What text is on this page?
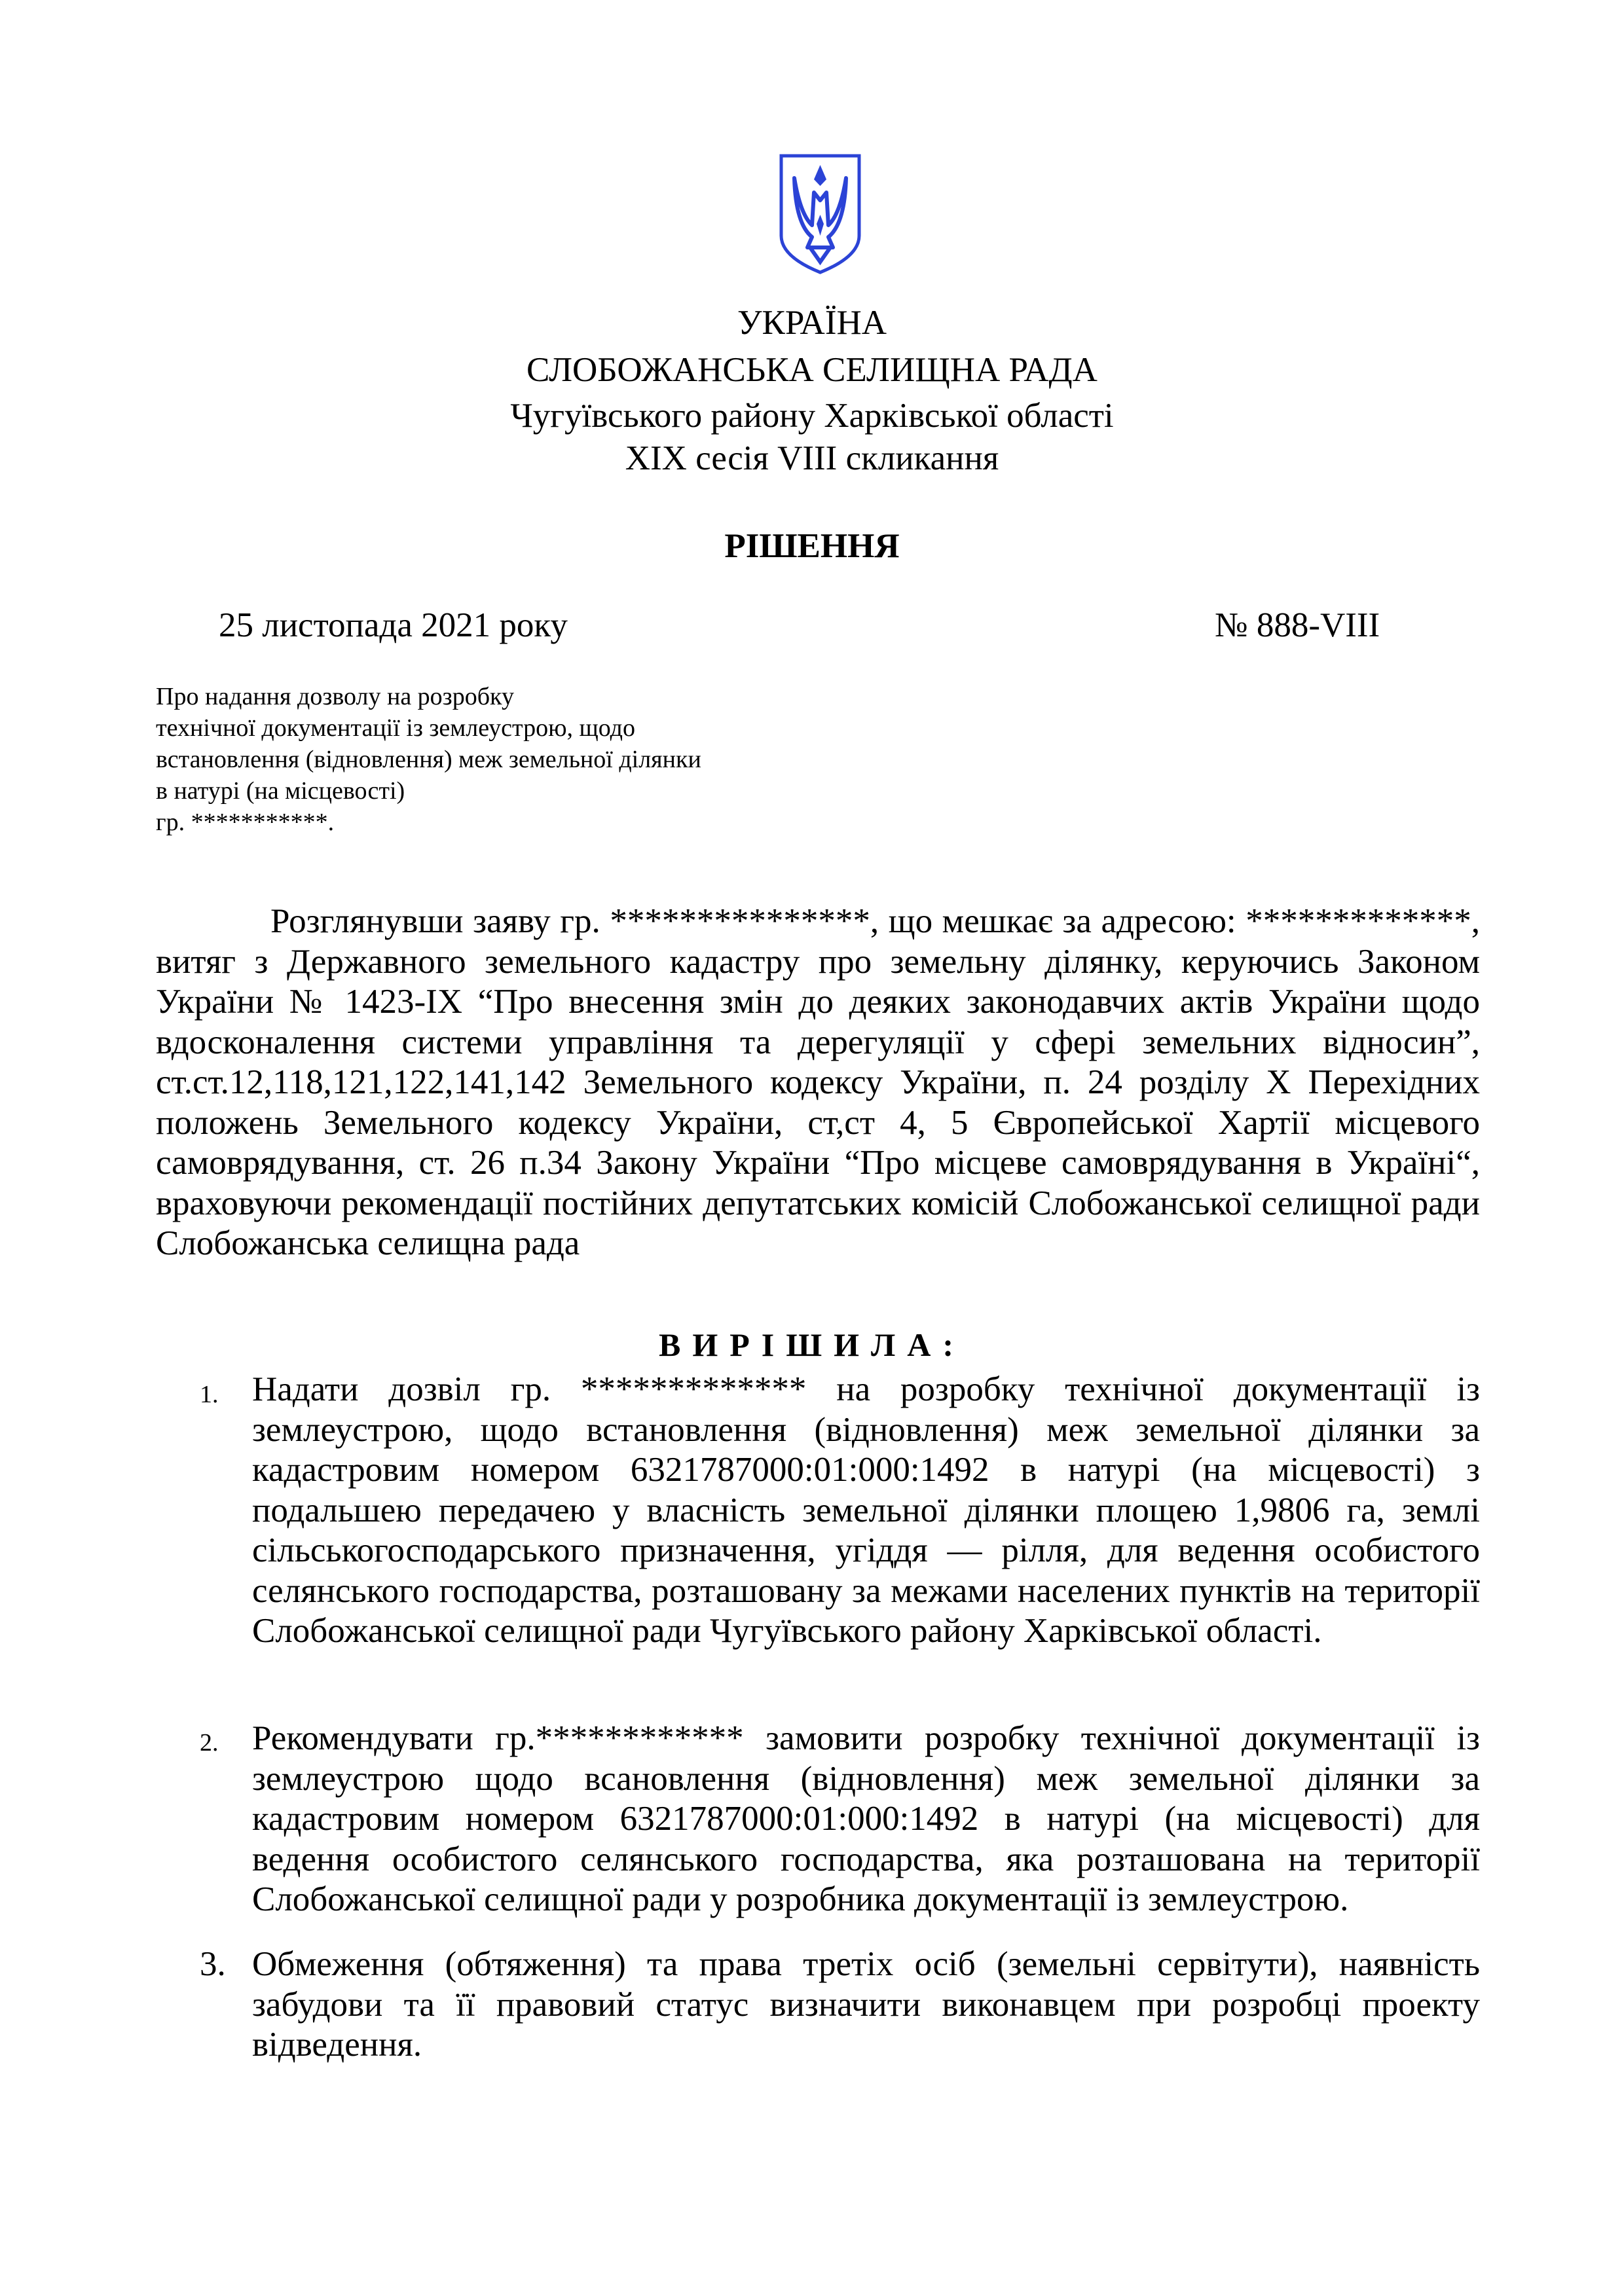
УКРАЇНА
СЛОБОЖАНСЬКА СЕЛИЩНА РАДА
Чугуївського району Харківської області
ХІХ сесія VІІІ скликання
РІШЕННЯ
25 листопада 2021 року	№ 888-VІІІ
Про надання дозволу на розробку
технічної документації із землеустрою, щодо
встановлення (відновлення) меж земельної ділянки
в натурі (на місцевості)
гр. ***********.
Розглянувши заяву гр. ***************, що мешкає за адресою: *************, витяг з Державного земельного кадастру про земельну ділянку, керуючись Законом України № 1423-ІХ “Про внесення змін до деяких законодавчих актів України щодо вдосконалення системи управління та дерегуляції у сфері земельних відносин”, ст.ст.12,118,121,122,141,142 Земельного кодексу України, п. 24 розділу X Перехідних положень Земельного кодексу України, ст,ст 4, 5 Європейської Хартії місцевого самоврядування, ст. 26 п.34 Закону України “Про місцеве самоврядування в Україні“, враховуючи рекомендації постійних депутатських комісій Слобожанської селищної ради Слобожанська селищна рада
ВИРІШИЛА:
1. Надати дозвіл гр. ************* на розробку технічної документації із землеустрою, щодо встановлення (відновлення) меж земельної ділянки за кадастровим номером 6321787000:01:000:1492 в натурі (на місцевості) з подальшею передачею у власність земельної ділянки площею 1,9806 га, землі сільськогосподарського призначення, угіддя — рілля, для ведення особистого селянського господарства, розташовану за межами населених пунктів на території Слобожанської селищної ради Чугуївського району Харківської області.
2. Рекомендувати гр.************ замовити розробку технічної документації із землеустрою щодо всановлення (відновлення) меж земельної ділянки за кадастровим номером 6321787000:01:000:1492 в натурі (на місцевості) для ведення особистого селянського господарства, яка розташована на території Слобожанської селищної ради у розробника документації із землеустрою.
3. Обмеження (обтяження) та права третіх осіб (земельні сервітути), наявність забудови та її правовий статус визначити виконавцем при розробці проекту відведення.
